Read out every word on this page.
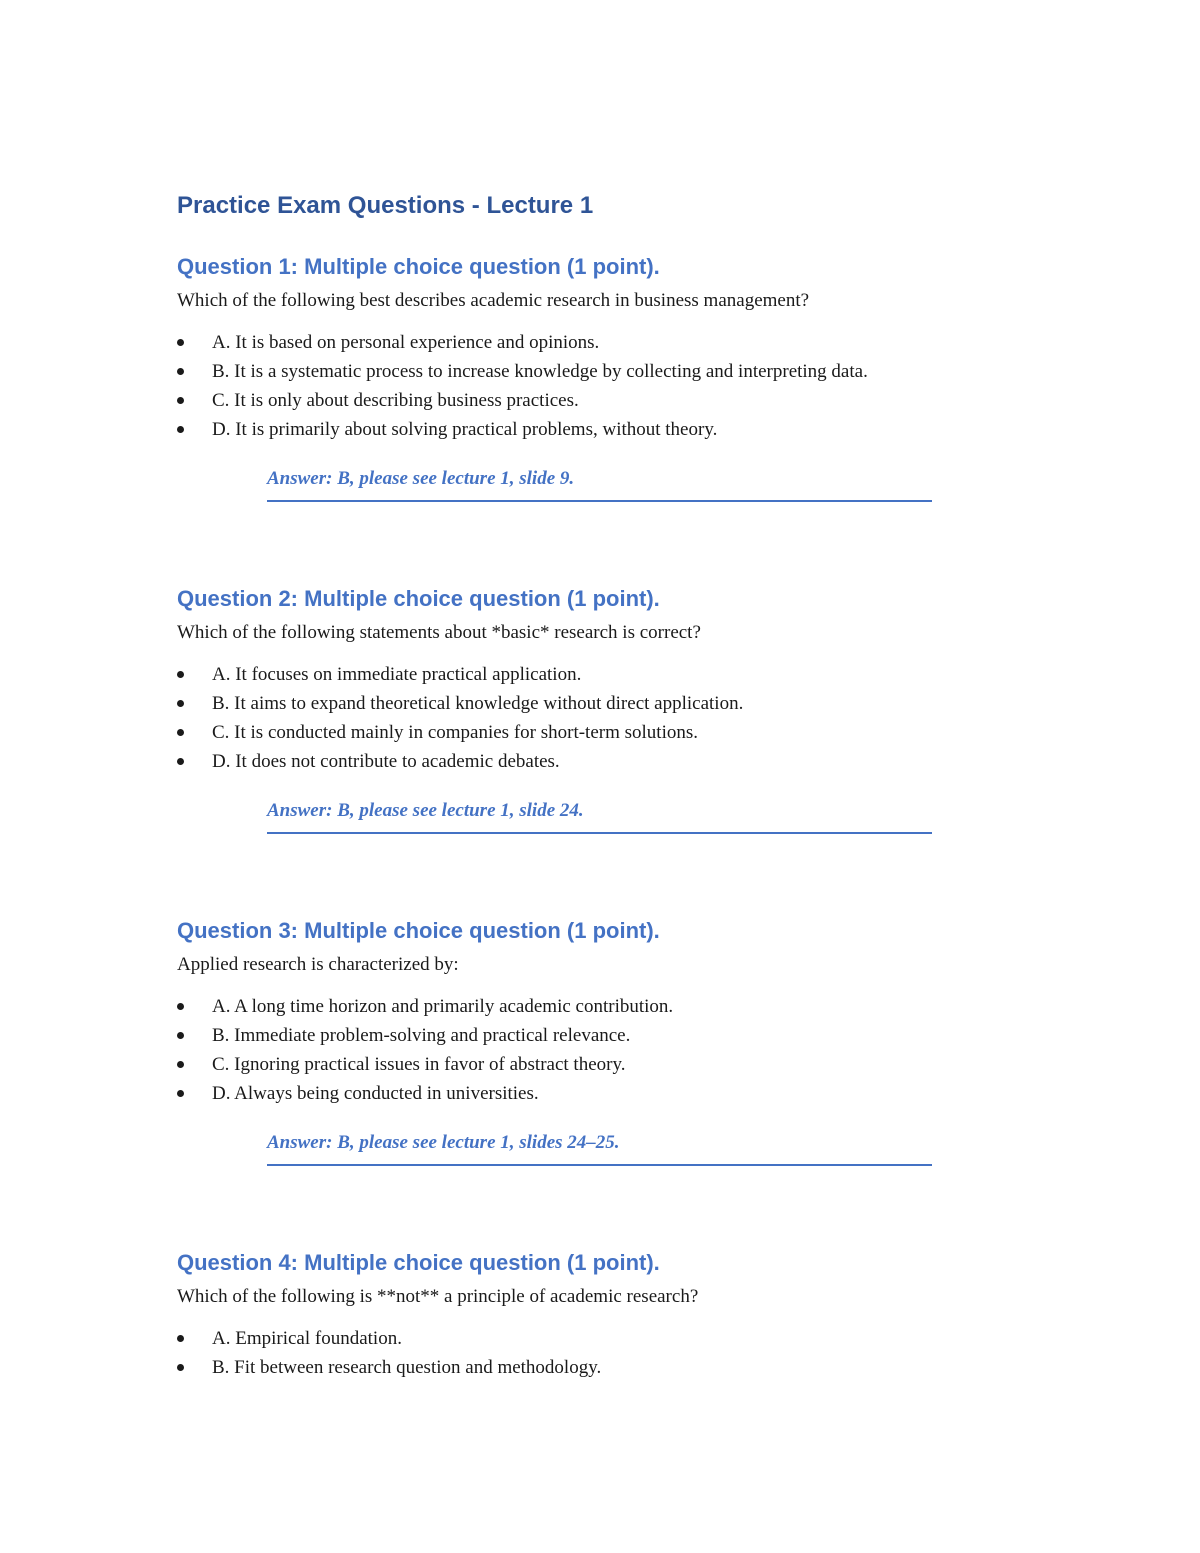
Practice Exam Questions - Lecture 1
Question 1: Multiple choice question (1 point).

Which of the following best describes academic research in business management?

A. It is based on personal experience and opinions.
B. It is a systematic process to increase knowledge by collecting and interpreting data.
C. It is only about describing business practices.
D. It is primarily about solving practical problems, without theory.
Answer: B, please see lecture 1, slide 9.
Question 2: Multiple choice question (1 point).

Which of the following statements about *basic* research is correct?

A. It focuses on immediate practical application.
B. It aims to expand theoretical knowledge without direct application.
C. It is conducted mainly in companies for short-term solutions.
D. It does not contribute to academic debates.
Answer: B, please see lecture 1, slide 24.
Question 3: Multiple choice question (1 point).

Applied research is characterized by:

A. A long time horizon and primarily academic contribution.
B. Immediate problem-solving and practical relevance.
C. Ignoring practical issues in favor of abstract theory.
D. Always being conducted in universities.
Answer: B, please see lecture 1, slides 24–25.
Question 4: Multiple choice question (1 point).

Which of the following is **not** a principle of academic research?

A. Empirical foundation.
B. Fit between research question and methodology.
